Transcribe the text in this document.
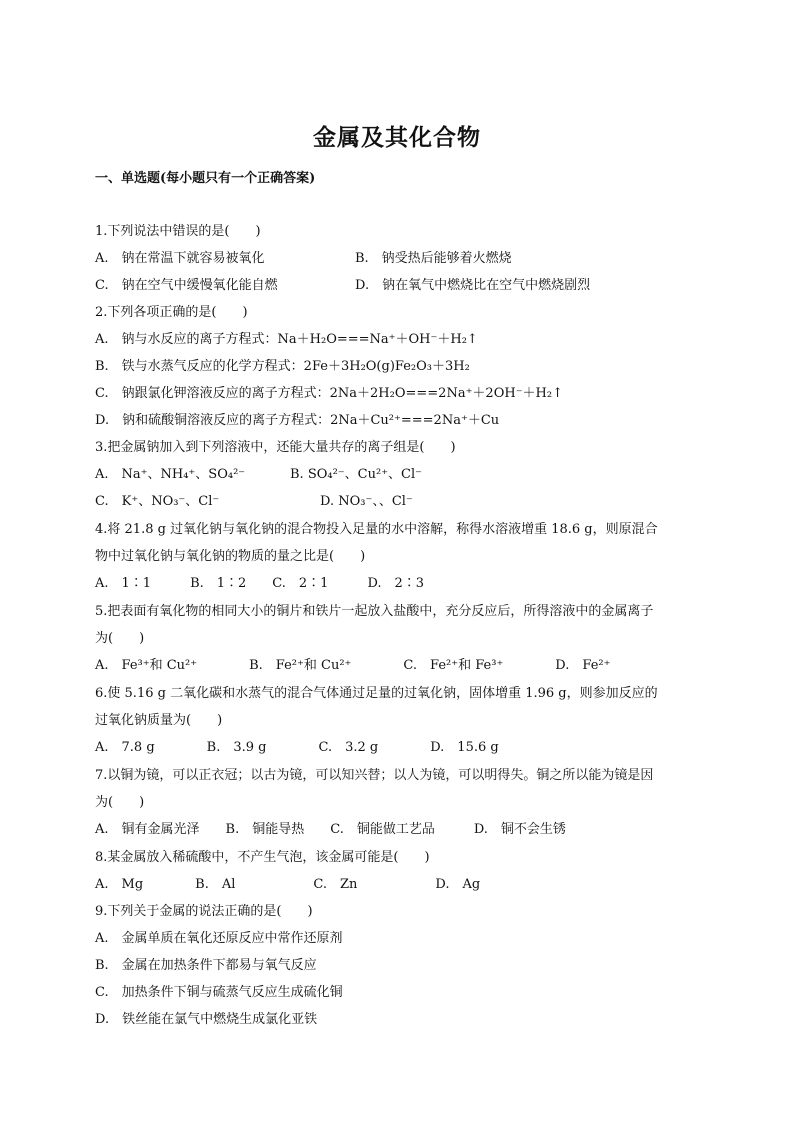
金属及其化合物
一、单选题(每小题只有一个正确答案)
1.下列说法中错误的是(　　)
A.　钠在常温下就容易被氧化	B.　钠受热后能够着火燃烧
C.　钠在空气中缓慢氧化能自燃	D.　钠在氧气中燃烧比在空气中燃烧剧烈
2.下列各项正确的是(　　)
A.　钠与水反应的离子方程式：Na＋H₂O===Na⁺＋OH⁻＋H₂↑
B.　铁与水蒸气反应的化学方程式：2Fe＋3H₂O(g)Fe₂O₃＋3H₂
C.　钠跟氯化钾溶液反应的离子方程式：2Na＋2H₂O===2Na⁺＋2OH⁻＋H₂↑
D.　钠和硫酸铜溶液反应的离子方程式：2Na＋Cu²⁺===2Na⁺＋Cu
3.把金属钠加入到下列溶液中，还能大量共存的离子组是(　　)
A.　Na⁺、NH₄⁺、SO₄²⁻	B. SO₄²⁻、Cu²⁺、Cl⁻
C.　K⁺、NO₃⁻、Cl⁻	D. NO₃⁻、、Cl⁻
4.将 21.8 g 过氧化钠与氧化钠的混合物投入足量的水中溶解，称得水溶液增重 18.6 g，则原混合
物中过氧化钠与氧化钠的物质的量之比是(　　)
A.　1∶1　　　B.　1∶2　　C.　2∶1　　　D.　2∶3
5.把表面有氧化物的相同大小的铜片和铁片一起放入盐酸中，充分反应后，所得溶液中的金属离子
为(　　)
A.　Fe³⁺和 Cu²⁺　　　　B.　Fe²⁺和 Cu²⁺　　　　C.　Fe²⁺和 Fe³⁺　　　　D.　Fe²⁺
6.使 5.16 g 二氧化碳和水蒸气的混合气体通过足量的过氧化钠，固体增重 1.96 g，则参加反应的
过氧化钠质量为(　　)
A.　7.8 g　　　　B.　3.9 g　　　　C.　3.2 g　　　　D.　15.6 g
7.以铜为镜，可以正衣冠；以古为镜，可以知兴替；以人为镜，可以明得失。铜之所以能为镜是因
为(　　)
A.　铜有金属光泽　　B.　铜能导热　　C.　铜能做工艺品　　　D.　铜不会生锈
8.某金属放入稀硫酸中，不产生气泡，该金属可能是(　　)
A.　Mg　　　　B.　Al　　　　　　C.　Zn　　　　　　D.　Ag
9.下列关于金属的说法正确的是(　　)
A.　金属单质在氧化还原反应中常作还原剂
B.　金属在加热条件下都易与氧气反应
C.　加热条件下铜与硫蒸气反应生成硫化铜
D.　铁丝能在氯气中燃烧生成氯化亚铁
